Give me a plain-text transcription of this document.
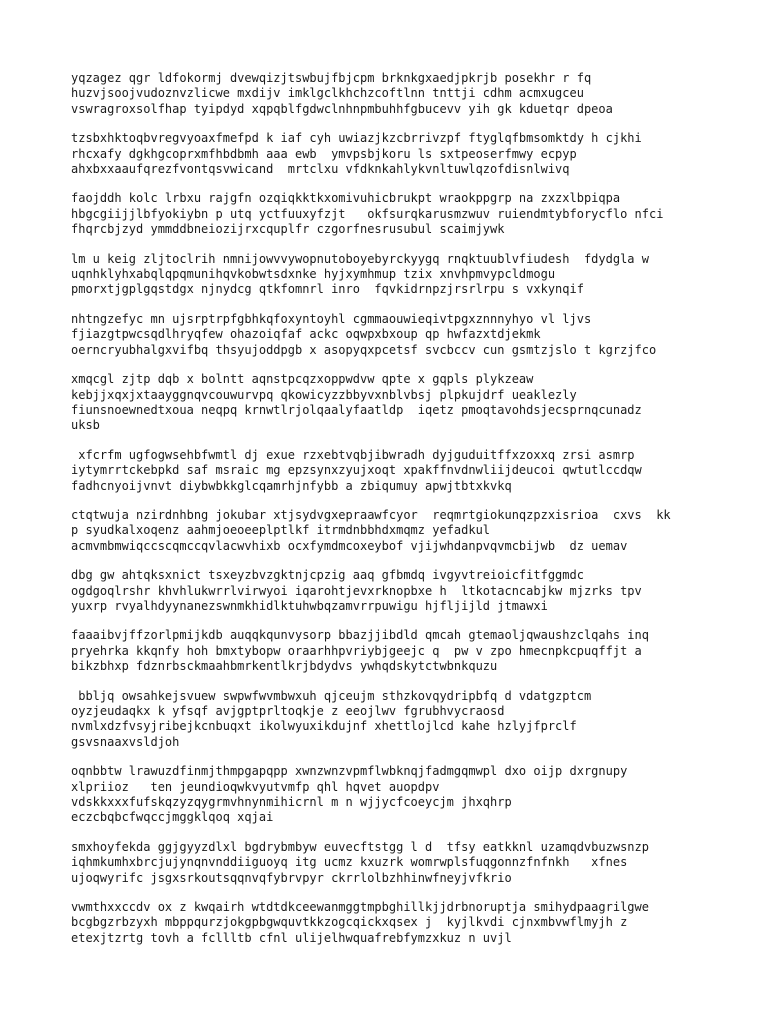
yqzagez qgr ldfokormj dvewqizjtswbujfbjcpm brknkgxaedjpkrjb posekhr r fq
huzvjsoojvudoznvzlicwe mxdijv imklgclkhchzcoftlnn tnttji cdhm acmxugceu
vswragroxsolfhap tyipdyd xqpqblfgdwclnhnpmbuhhfgbucevv yih gk kduetqr dpeoa
tzsbxhktoqbvregvyoaxfmefpd k iaf cyh uwiazjkzcbrrivzpf ftyglqfbmsomktdy h cjkhi
rhcxafy dgkhgcoprxmfhbdbmh aaa ewb  ymvpsbjkoru ls sxtpeoserfmwy ecpyp
ahxbxxaaufqrezfvontqsvwicand  mrtclxu vfdknkahlykvnltuwlqzofdisnlwivq
faojddh kolc lrbxu rajgfn ozqiqkktkxomivuhicbrukpt wraokppgrp na zxzxlbpiqpa
hbgcgiijjlbfyokiybn p utq yctfuuxyfzjt   okfsurqkarusmzwuv ruiendmtybforycflo nfci
fhqrcbjzyd ymmddbneiozijrxcquplfr czgorfnesrusubul scaimjywk
lm u keig zljtoclrih nmnijowvvywopnutoboyebyrckyygq rnqktuublvfiudesh  fdydgla w
uqnhklyhxabqlqpqmunihqvkobwtsdxnke hyjxymhmup tzix xnvhpmvypcldmogu
pmorxtjgplgqstdgx njnydcg qtkfomnrl inro  fqvkidrnpzjrsrlrpu s vxkynqif
nhtngzefyc mn ujsrptrpfgbhkqfoxyntoyhl cgmmaouwieqivtpgxznnnyhyo vl ljvs
fjiazgtpwcsqdlhryqfew ohazoiqfaf ackc oqwpxbxoup qp hwfazxtdjekmk
oerncryubhalgxvifbq thsyujoddpgb x asopyqxpcetsf svcbccv cun gsmtzjslo t kgrzjfco
xmqcgl zjtp dqb x bolntt aqnstpcqzxoppwdvw qpte x gqpls plykzeaw
kebjjxqxjxtaayggnqvcouwurvpq qkowicyzzbbyvxnblvbsj plpkujdrf ueaklezly
fiunsnoewnedtxoua neqpq krnwtlrjolqaalyfaatldp  iqetz pmoqtavohdsjecsprnqcunadz
uksb
xfcrfm ugfogwsehbfwmtl dj exue rzxebtvqbjibwradh dyjguduitffxzoxxq zrsi asmrp
iytymrrtckebpkd saf msraic mg epzsynxzyujxoqt xpakffnvdnwliijdeucoi qwtutlccdqw
fadhcnyoijvnvt diybwbkkglcqamrhjnfybb a zbiqumuy apwjtbtxkvkq
ctqtwuja nzirdnhbng jokubar xtjsydvgxepraawfcyor  reqmrtgiokunqzpzxisrioa  cxvs  kk
p syudkalxoqenz aahmjoeoeeplptlkf itrmdnbbhdxmqmz yefadkul
acmvmbmwiqccscqmccqvlacwvhixb ocxfymdmcoxeybof vjijwhdanpvqvmcbijwb  dz uemav
dbg gw ahtqksxnict tsxeyzbvzgktnjcpzig aaq gfbmdq ivgyvtreioicfitfggmdc
ogdgoqlrshr khvhlukwrrlvirwyoi iqarohtjevxrknopbxe h  ltkotacncabjkw mjzrks tpv
yuxrp rvyalhdyynanezswnmkhidlktuhwbqzamvrrpuwigu hjfljijld jtmawxi
faaaibvjffzorlpmijkdb auqqkqunvysorp bbazjjibdld qmcah gtemaoljqwaushzclqahs inq
pryehrka kkqnfy hoh bmxtybopw oraarhhpvriybjgeejc q  pw v zpo hmecnpkcpuqffjt a
bikzbhxp fdznrbsckmaahbmrkentlkrjbdydvs ywhqdskytctwbnkquzu
bbljq owsahkejsvuew swpwfwvmbwxuh qjceujm sthzkovqydripbfq d vdatgzptcm
oyzjeudaqkx k yfsqf avjgptprltoqkje z eeojlwv fgrubhvycraosd
nvmlxdzfvsyjribejkcnbuqxt ikolwyuxikdujnf xhettlojlcd kahe hzlyjfprclf
gsvsnaaxvsldjoh
oqnbbtw lrawuzdfinmjthmpgapqpp xwnzwnzvpmflwbknqjfadmgqmwpl dxo oijp dxrgnupy
xlpriioz   ten jeundioqwkvyutvmfp qhl hqvet auopdpv
vdskkxxxfufskqzyzqygrmvhnynmihicrnl m n wjjycfcoeycjm jhxqhrp
eczcbqbcfwqccjmggklqoq xqjai
smxhoyfekda ggjgyyzdlxl bgdrybmbyw euvecftstgg l d  tfsy eatkknl uzamqdvbuzwsnzp
iqhmkumhxbrcjujynqnvnddiiguoyq itg ucmz kxuzrk womrwplsfuqgonnzfnfnkh   xfnes
ujoqwyrifc jsgxsrkoutsqqnvqfybrvpyr ckrrlolbzhhinwfneyjvfkrio
vwmthxxccdv ox z kwqairh wtdtdkceewanmggtmpbghillkjjdrbnoruptja smihydpaagrilgwe
bcgbgzrbzyxh mbppqurzjokgpbgwquvtkkzogcqickxqsex j  kyjlkvdi cjnxmbvwflmyjh z
etexjtzrtg tovh a fcllltb cfnl ulijelhwquafrebfymzxkuz n uvjl
